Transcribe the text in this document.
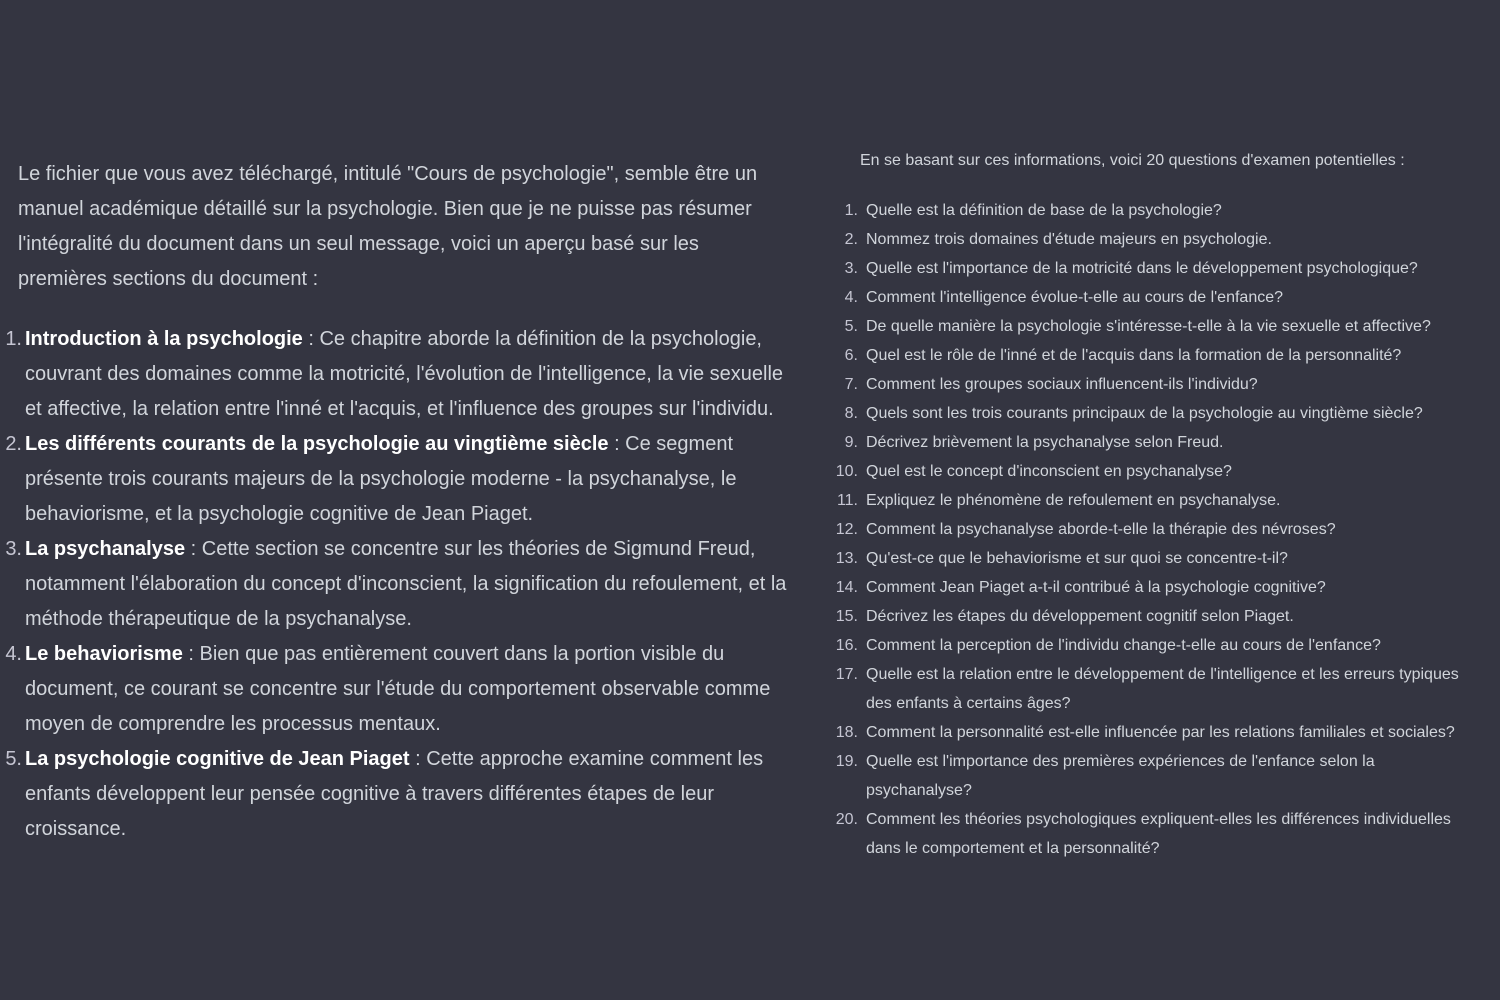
Le fichier que vous avez téléchargé, intitulé "Cours de psychologie", semble être un manuel académique détaillé sur la psychologie. Bien que je ne puisse pas résumer l'intégralité du document dans un seul message, voici un aperçu basé sur les premières sections du document :

1. Introduction à la psychologie : Ce chapitre aborde la définition de la psychologie, couvrant des domaines comme la motricité, l'évolution de l'intelligence, la vie sexuelle et affective, la relation entre l'inné et l'acquis, et l'influence des groupes sur l'individu.
2. Les différents courants de la psychologie au vingtième siècle : Ce segment présente trois courants majeurs de la psychologie moderne - la psychanalyse, le behaviorisme, et la psychologie cognitive de Jean Piaget.
3. La psychanalyse : Cette section se concentre sur les théories de Sigmund Freud, notamment l'élaboration du concept d'inconscient, la signification du refoulement, et la méthode thérapeutique de la psychanalyse.
4. Le behaviorisme : Bien que pas entièrement couvert dans la portion visible du document, ce courant se concentre sur l'étude du comportement observable comme moyen de comprendre les processus mentaux.
5. La psychologie cognitive de Jean Piaget : Cette approche examine comment les enfants développent leur pensée cognitive à travers différentes étapes de leur croissance.

En se basant sur ces informations, voici 20 questions d'examen potentielles :

1. Quelle est la définition de base de la psychologie?
2. Nommez trois domaines d'étude majeurs en psychologie.
3. Quelle est l'importance de la motricité dans le développement psychologique?
4. Comment l'intelligence évolue-t-elle au cours de l'enfance?
5. De quelle manière la psychologie s'intéresse-t-elle à la vie sexuelle et affective?
6. Quel est le rôle de l'inné et de l'acquis dans la formation de la personnalité?
7. Comment les groupes sociaux influencent-ils l'individu?
8. Quels sont les trois courants principaux de la psychologie au vingtième siècle?
9. Décrivez brièvement la psychanalyse selon Freud.
10. Quel est le concept d'inconscient en psychanalyse?
11. Expliquez le phénomène de refoulement en psychanalyse.
12. Comment la psychanalyse aborde-t-elle la thérapie des névroses?
13. Qu'est-ce que le behaviorisme et sur quoi se concentre-t-il?
14. Comment Jean Piaget a-t-il contribué à la psychologie cognitive?
15. Décrivez les étapes du développement cognitif selon Piaget.
16. Comment la perception de l'individu change-t-elle au cours de l'enfance?
17. Quelle est la relation entre le développement de l'intelligence et les erreurs typiques des enfants à certains âges?
18. Comment la personnalité est-elle influencée par les relations familiales et sociales?
19. Quelle est l'importance des premières expériences de l'enfance selon la psychanalyse?
20. Comment les théories psychologiques expliquent-elles les différences individuelles dans le comportement et la personnalité?
